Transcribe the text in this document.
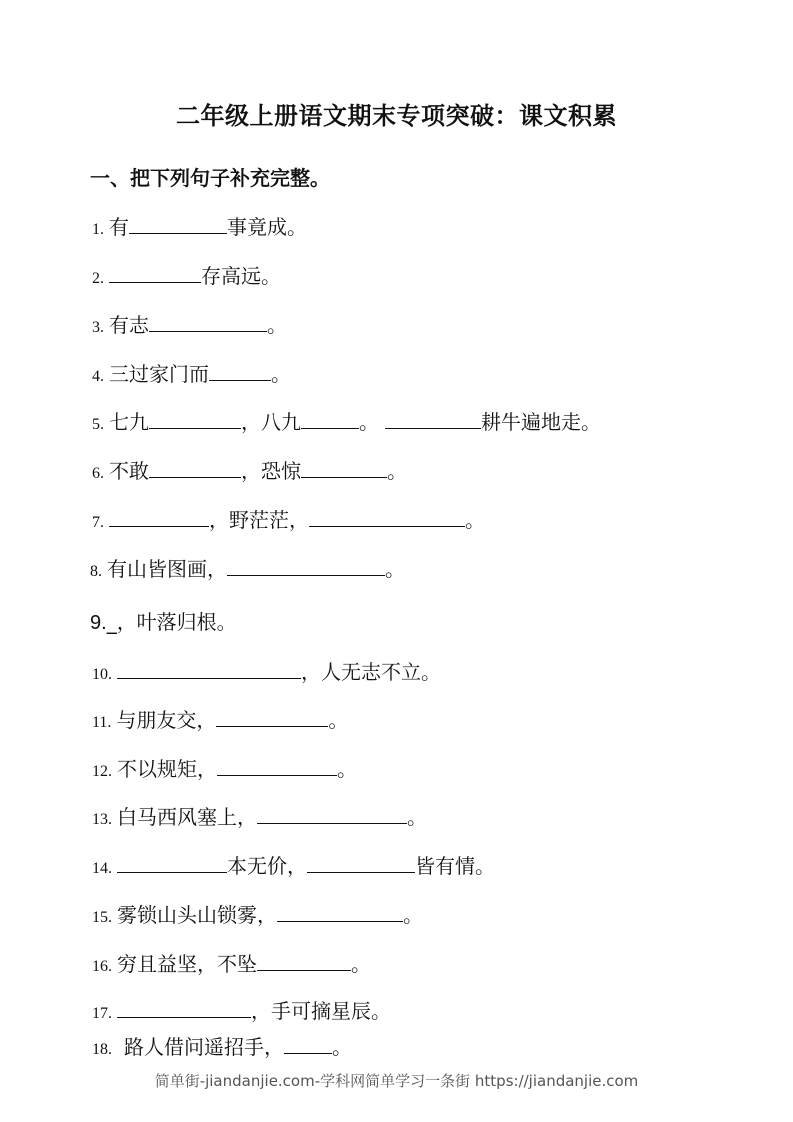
二年级上册语文期末专项突破：课文积累
一、把下列句子补充完整。
1. 有	事竟成。
2.	存高远。
3. 有志	。
4. 三过家门而	。
5. 七九	，八九	。	耕牛遍地走。
6. 不敢	，恐惊	。
7.	，野茫茫，	。
8. 有山皆图画，	。
9._，叶落归根。
10.	，人无志不立。
11. 与朋友交，	。
12. 不以规矩，	。
13. 白马西风塞上，	。
14.	本无价，	皆有情。
15. 雾锁山头山锁雾，	。
16. 穷且益坚，不坠	。
17.	，手可摘星辰。
18. 路人借问遥招手， 。
简单街-jiandanjie.com-学科网简单学习一条街 https://jiandanjie.com
